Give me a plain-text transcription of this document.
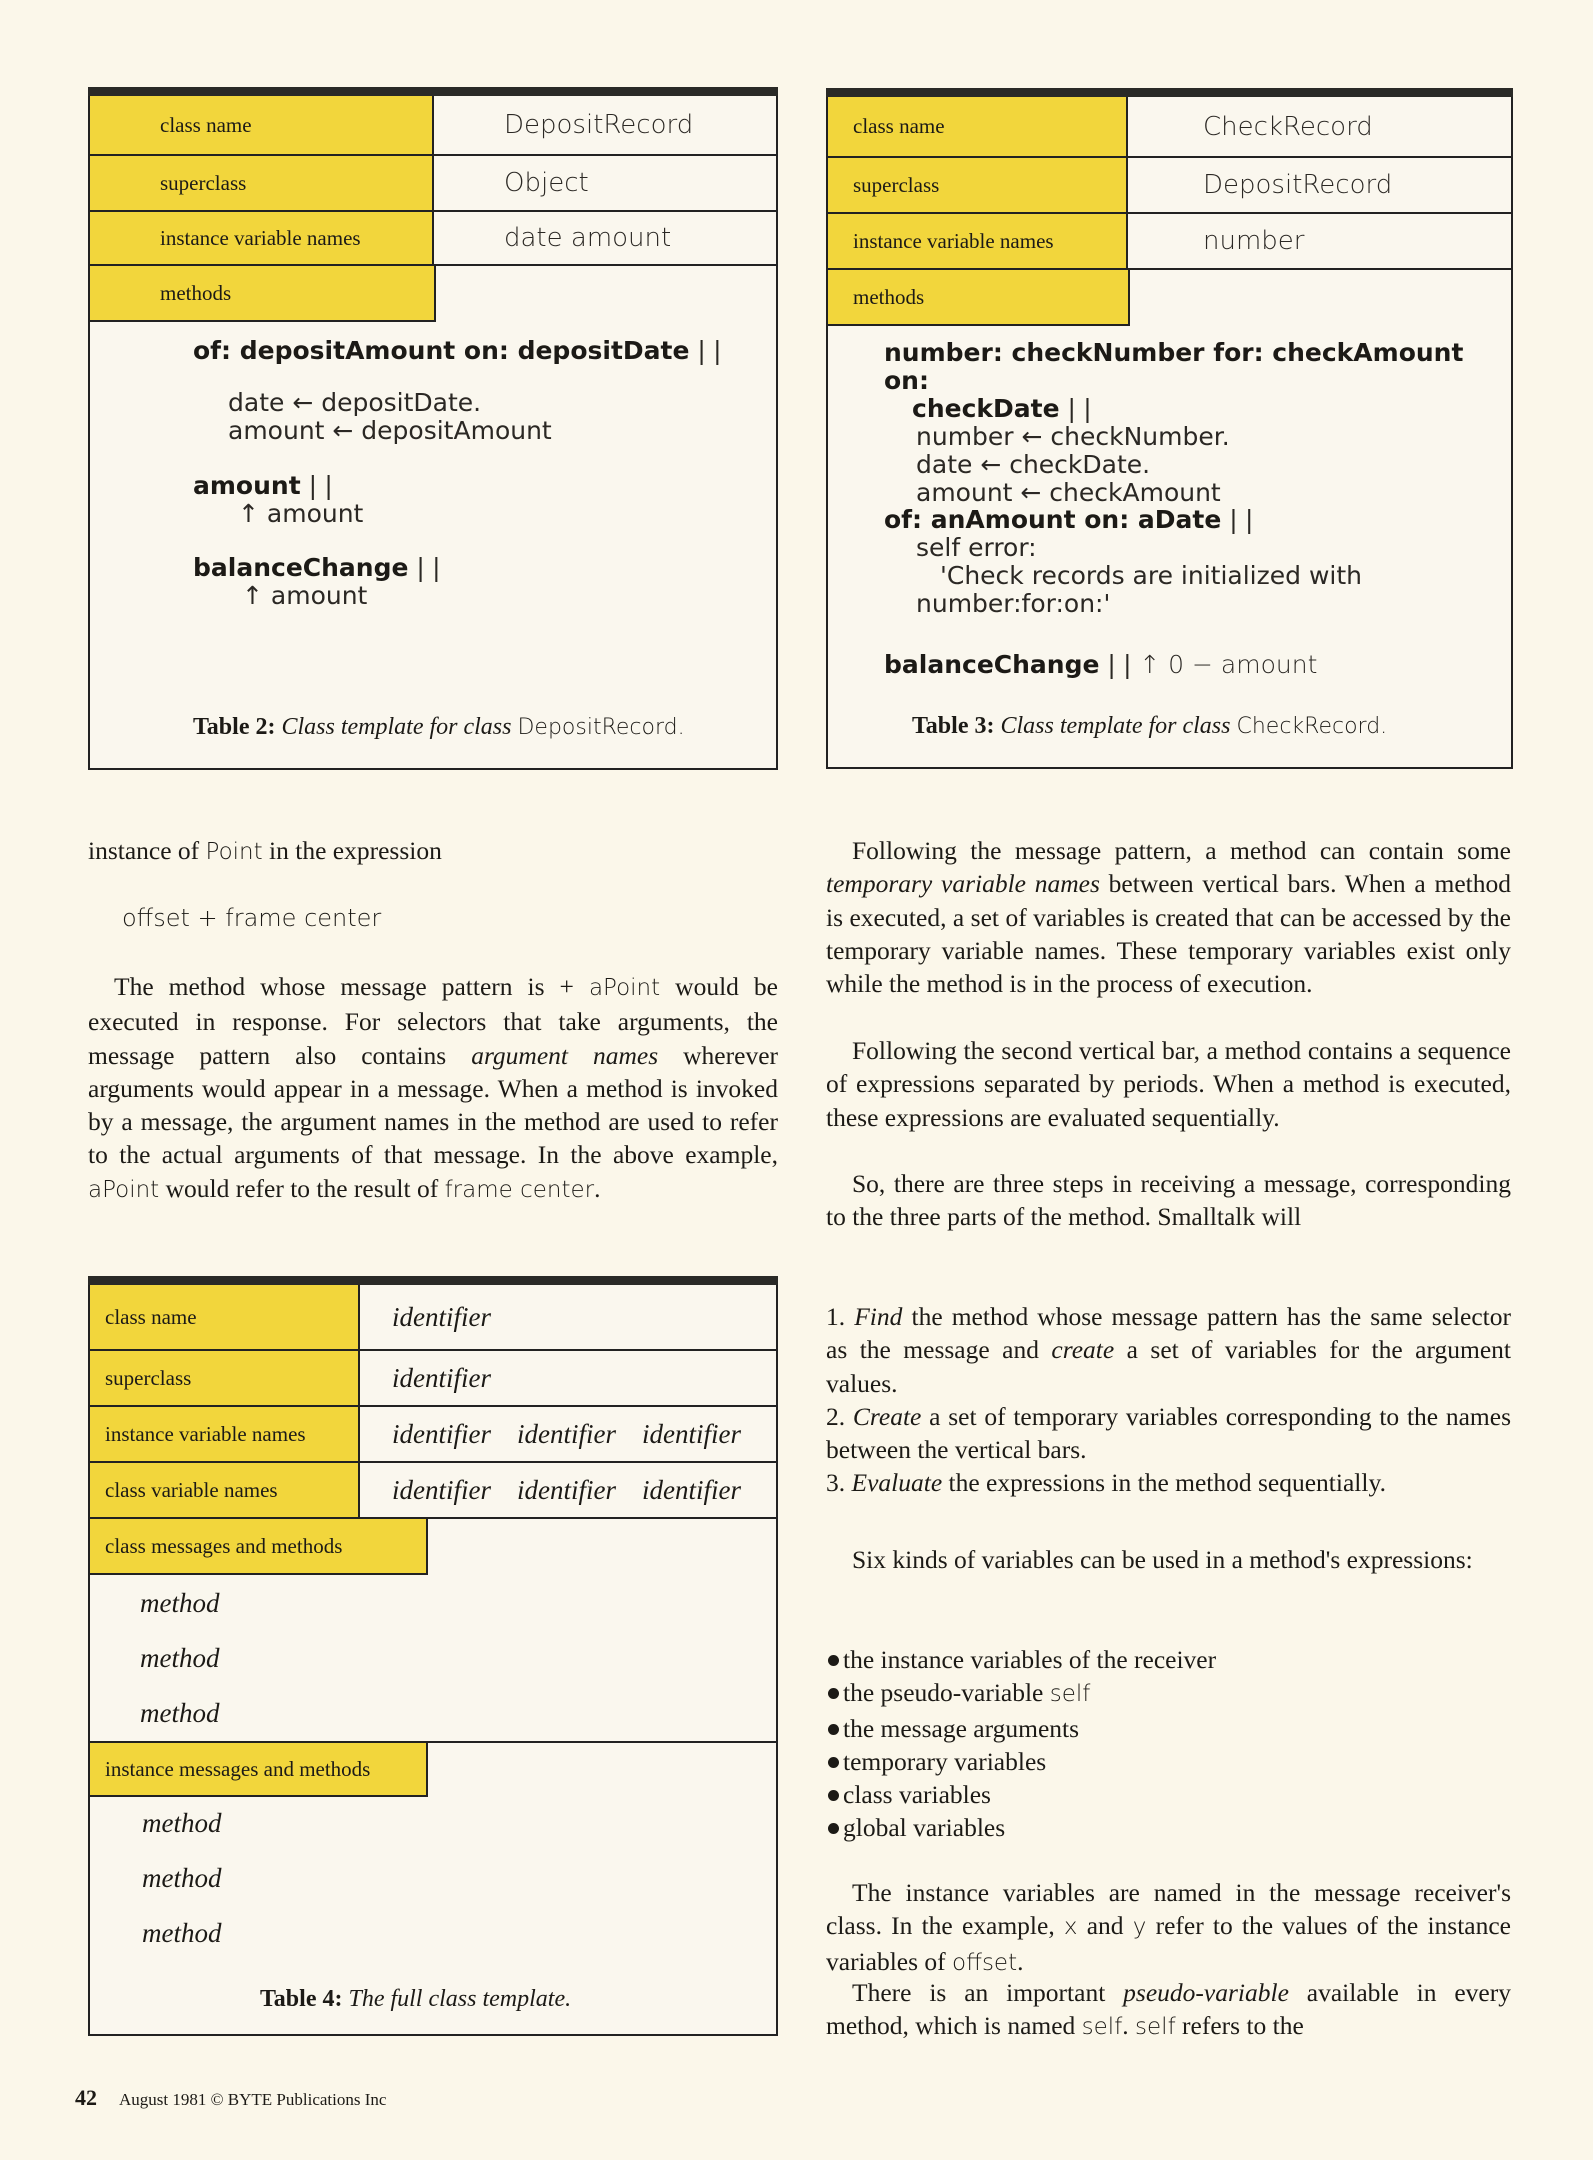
class name	DepositRecord
superclass	Object
instance variable names	date amount
methods
of: depositAmount on: depositDate | |
date ← depositDate.
amount ← depositAmount
amount | |
↑ amount
balanceChange | |
↑ amount
Table 2: Class template for class DepositRecord.
class name	CheckRecord
superclass	DepositRecord
instance variable names	number
methods
number: checkNumber for: checkAmount on:
checkDate | |
number ← checkNumber.
date ← checkDate.
amount ← checkAmount
of: anAmount on: aDate | |
self error:
'Check records are initialized with
number:for:on:'
balanceChange | | ↑ 0 − amount
Table 3: Class template for class CheckRecord.
instance of Point in the expression
offset + frame center
The method whose message pattern is + aPoint would be executed in response. For selectors that take arguments, the message pattern also contains argument names wherever arguments would appear in a message. When a method is invoked by a message, the argument names in the method are used to refer to the actual arguments of that message. In the above example, aPoint would refer to the result of frame center.
class name	identifier
superclass	identifier
instance variable names	identifier identifier identifier
class variable names	identifier identifier identifier
class messages and methods
method
method
method
instance messages and methods
method
method
method
Table 4: The full class template.
Following the message pattern, a method can contain some temporary variable names between vertical bars. When a method is executed, a set of variables is created that can be accessed by the temporary variable names. These temporary variables exist only while the method is in the process of execution.
Following the second vertical bar, a method contains a sequence of expressions separated by periods. When a method is executed, these expressions are evaluated sequentially.
So, there are three steps in receiving a message, corresponding to the three parts of the method. Smalltalk will
1. Find the method whose message pattern has the same selector as the message and create a set of variables for the argument values.
2. Create a set of temporary variables corresponding to the names between the vertical bars.
3. Evaluate the expressions in the method sequentially.
Six kinds of variables can be used in a method's expressions:
the instance variables of the receiver
the pseudo-variable self
the message arguments
temporary variables
class variables
global variables
The instance variables are named in the message receiver's class. In the example, x and y refer to the values of the instance variables of offset.
There is an important pseudo-variable available in every method, which is named self. self refers to the
42 August 1981 © BYTE Publications Inc
